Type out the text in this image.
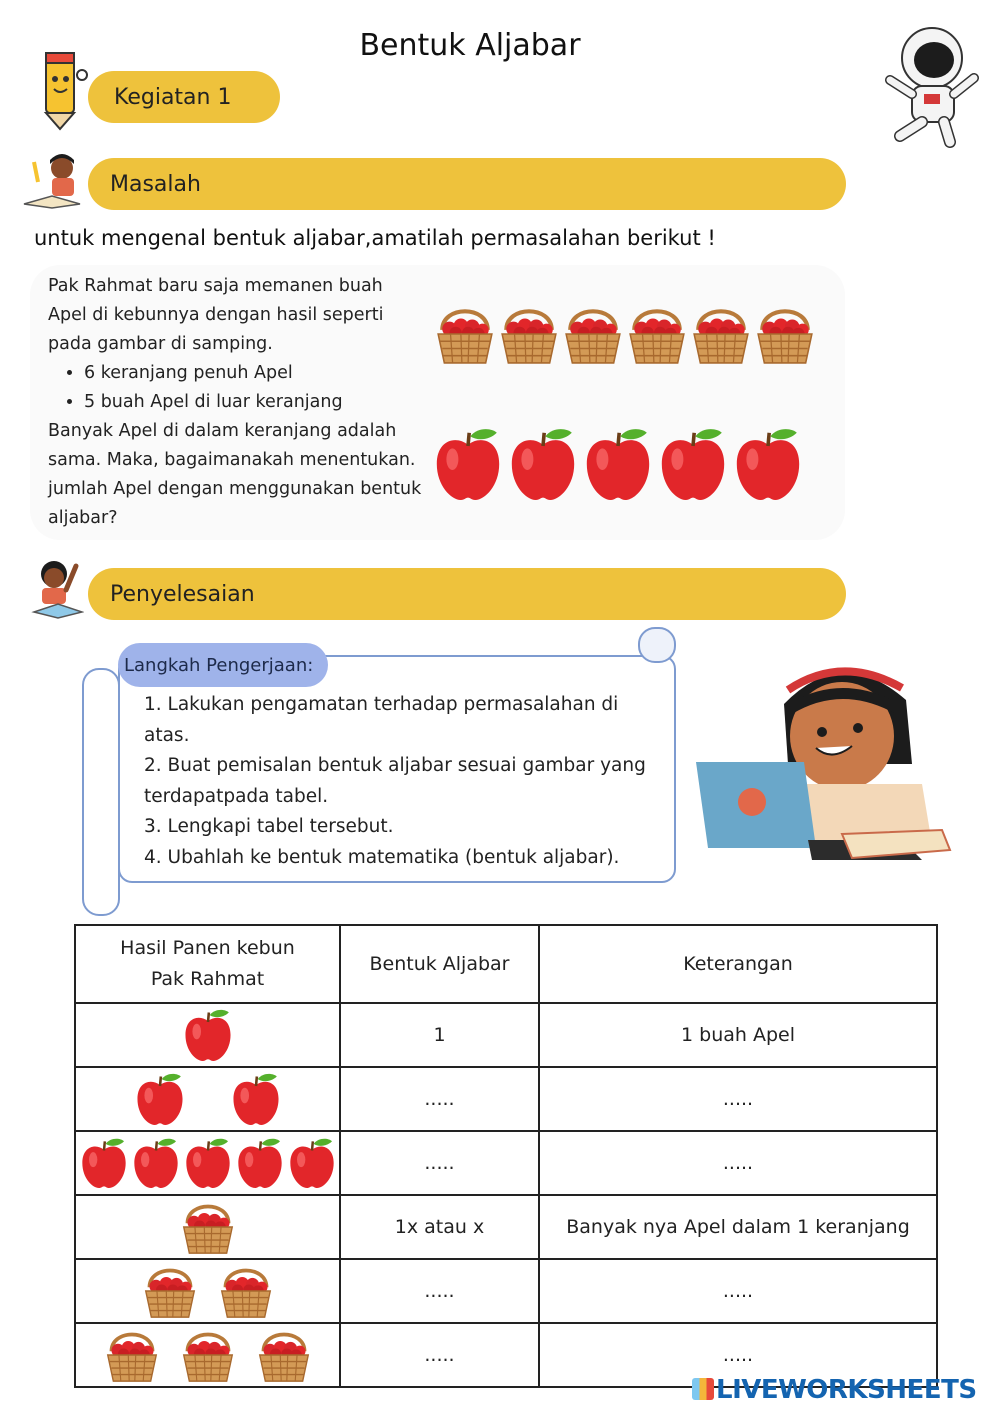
Bentuk Aljabar
Kegiatan 1
Masalah
untuk mengenal bentuk aljabar,amatilah permasalahan berikut !

Pak Rahmat baru saja memanen buah Apel di kebunnya dengan hasil seperti pada gambar di samping.

• 6 keranjang penuh Apel
• 5 buah Apel di luar keranjang

Banyak Apel di dalam keranjang adalah sama. Maka, bagaimanakah menentukan. jumlah Apel dengan menggunakan bentuk aljabar?

Penyelesaian
Langkah Pengerjaan:
1. Lakukan pengamatan terhadap permasalahan di atas.
2. Buat pemisalan bentuk aljabar sesuai gambar yang terdapatpada tabel.
3. Lengkapi tabel tersebut.
4. Ubahlah ke bentuk matematika (bentuk aljabar).
Hasil Panen kebun Pak Rahmat	Bentuk Aljabar	Keterangan

	1	1 buah Apel

	.....	.....

	.....	.....

	1x atau x	Banyak nya Apel dalam 1 keranjang

	.....	.....

	.....	.....
LIVEWORKSHEETS
